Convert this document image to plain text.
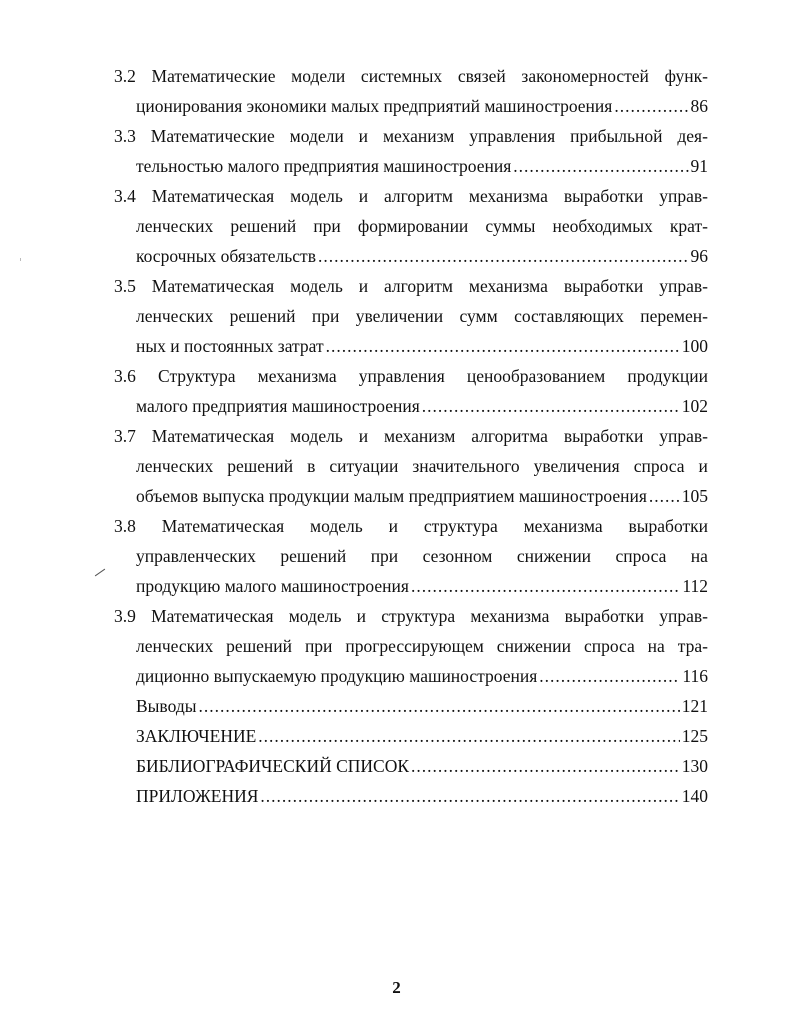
3.2 Математические модели системных связей закономерностей функ-
ционирования экономики малых предприятий машиностроения .....	86
3.3 Математические модели и механизм управления прибыльной дея-
тельностью малого предприятия машиностроения .....	91
3.4 Математическая модель и алгоритм механизма выработки управ-
ленческих решений при формировании суммы необходимых крат-
косрочных обязательств .....	96
3.5 Математическая модель и алгоритм механизма выработки управ-
ленческих решений при увеличении сумм составляющих перемен-
ных и постоянных затрат .....	100
3.6 Структура механизма управления ценообразованием продукции
малого предприятия машиностроения .....	102
3.7 Математическая модель и механизм алгоритма выработки управ-
ленческих решений в ситуации значительного увеличения спроса и
объемов выпуска продукции малым предприятием машиностроения ..... 105
3.8 Математическая модель и структура механизма выработки
управленческих решений при сезонном снижении спроса на
продукцию малого машиностроения .....	112
3.9 Математическая модель и структура механизма выработки управ-
ленческих решений при прогрессирующем снижении спроса на тра-
диционно выпускаемую продукцию машиностроения .....	116
Выводы .....	121
ЗАКЛЮЧЕНИЕ .....	125
БИБЛИОГРАФИЧЕСКИЙ СПИСОК .....	130
ПРИЛОЖЕНИЯ .....	140
2
